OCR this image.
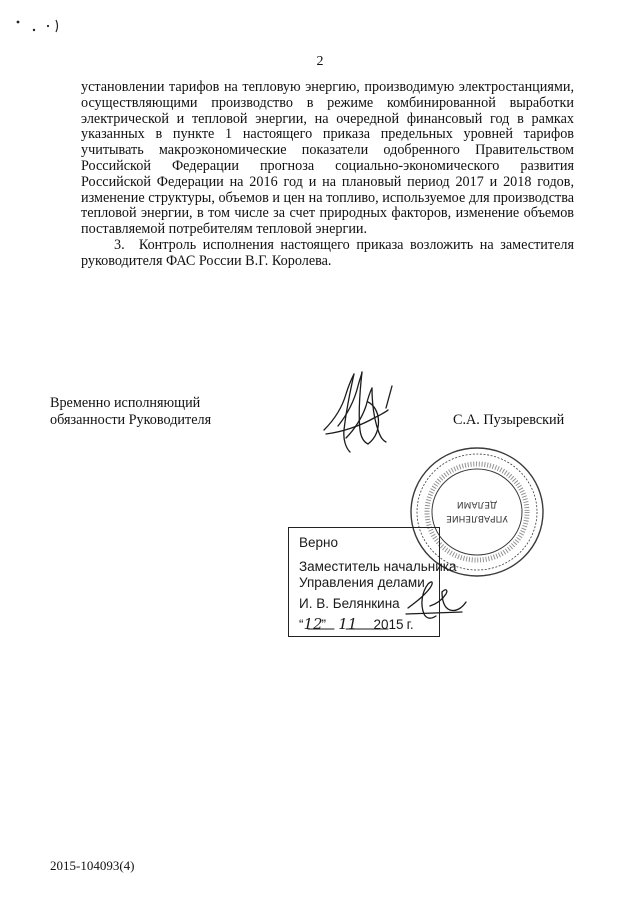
2

установлении тарифов на тепловую энергию, производимую электростанциями, осуществляющими производство в режиме комбинированной выработки электрической и тепловой энергии, на очередной финансовый год в рамках указанных в пункте 1 настоящего приказа предельных уровней тарифов учитывать макроэкономические показатели одобренного Правительством Российской Федерации прогноза социально-экономического развития Российской Федерации на 2016 год и на плановый период 2017 и 2018 годов, изменение структуры, объемов и цен на топливо, используемое для производства тепловой энергии, в том числе за счет природных факторов, изменение объемов поставляемой потребителям тепловой энергии.

3. Контроль исполнения настоящего приказа возложить на заместителя руководителя ФАС России В.Г. Королева.

Временно исполняющий
обязанности Руководителя	С.А. Пузыревский
УПРАВЛЕНИЕ
ДЕЛАМИ
Верно
Заместитель начальника
Управления делами
И. В. Белянкина
“12” 11 2015 г.
2015-104093(4)
